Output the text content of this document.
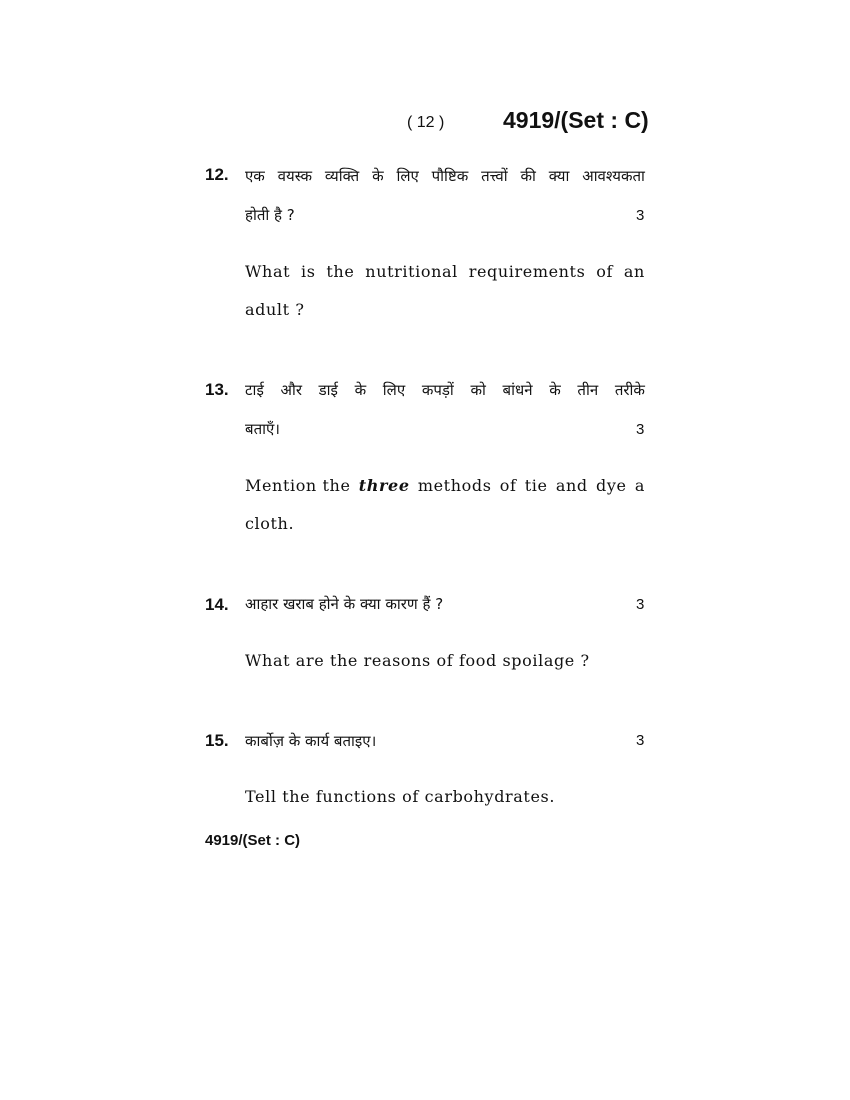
( 12 )	4919/(Set : C)
12. एक वयस्क व्यक्ति के लिए पौष्टिक तत्त्वों की क्या आवश्यकता
होती है ?	3
What is the nutritional requirements of an
adult ?
13. टाई और डाई के लिए कपड़ों को बांधने के तीन तरीके
बताएँ।	3
Mention the three methods of tie and dye a
cloth.
14. आहार खराब होने के क्या कारण हैं ?	3
What are the reasons of food spoilage ?
15. कार्बोज़ के कार्य बताइए।	3
Tell the functions of carbohydrates.
4919/(Set : C)
